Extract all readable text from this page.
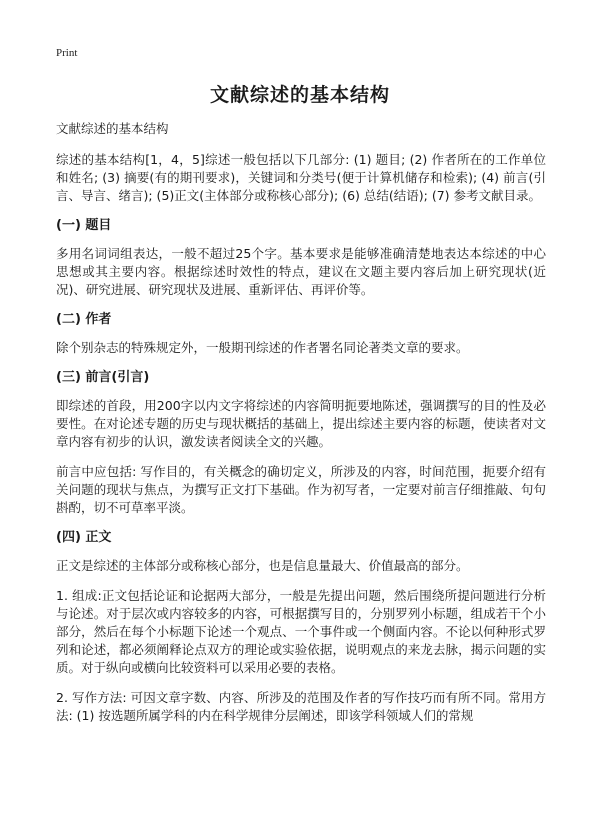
Print
文献综述的基本结构
文献综述的基本结构

综述的基本结构[1，4，5]综述一般包括以下几部分: (1) 题目; (2) 作者所在的工作单位和姓名; (3) 摘要(有的期刊要求)，关键词和分类号(便于计算机储存和检索); (4) 前言(引言、导言、绪言); (5)正文(主体部分或称核心部分); (6) 总结(结语); (7) 参考文献目录。

(一) 题目

多用名词词组表达，一般不超过25个字。基本要求是能够准确清楚地表达本综述的中心思想或其主要内容。根据综述时效性的特点，建议在文题主要内容后加上研究现状(近况)、研究进展、研究现状及进展、重新评估、再评价等。

(二) 作者

除个别杂志的特殊规定外，一般期刊综述的作者署名同论著类文章的要求。

(三) 前言(引言)

即综述的首段，用200字以内文字将综述的内容简明扼要地陈述，强调撰写的目的性及必要性。在对论述专题的历史与现状概括的基础上，提出综述主要内容的标题，使读者对文章内容有初步的认识，激发读者阅读全文的兴趣。

前言中应包括: 写作目的，有关概念的确切定义，所涉及的内容，时间范围，扼要介绍有关问题的现状与焦点，为撰写正文打下基础。作为初写者，一定要对前言仔细推敲、句句斟酌，切不可草率平淡。

(四) 正文

正文是综述的主体部分或称核心部分，也是信息量最大、价值最高的部分。

1. 组成:正文包括论证和论据两大部分，一般是先提出问题，然后围绕所提问题进行分析与论述。对于层次或内容较多的内容，可根据撰写目的，分别罗列小标题，组成若干个小部分，然后在每个小标题下论述一个观点、一个事件或一个侧面内容。不论以何种形式罗列和论述，都必须阐释论点双方的理论或实验依据，说明观点的来龙去脉，揭示问题的实质。对于纵向或横向比较资料可以采用必要的表格。

2. 写作方法: 可因文章字数、内容、所涉及的范围及作者的写作技巧而有所不同。常用方法: (1) 按选题所属学科的内在科学规律分层阐述，即该学科领域人们的常规
